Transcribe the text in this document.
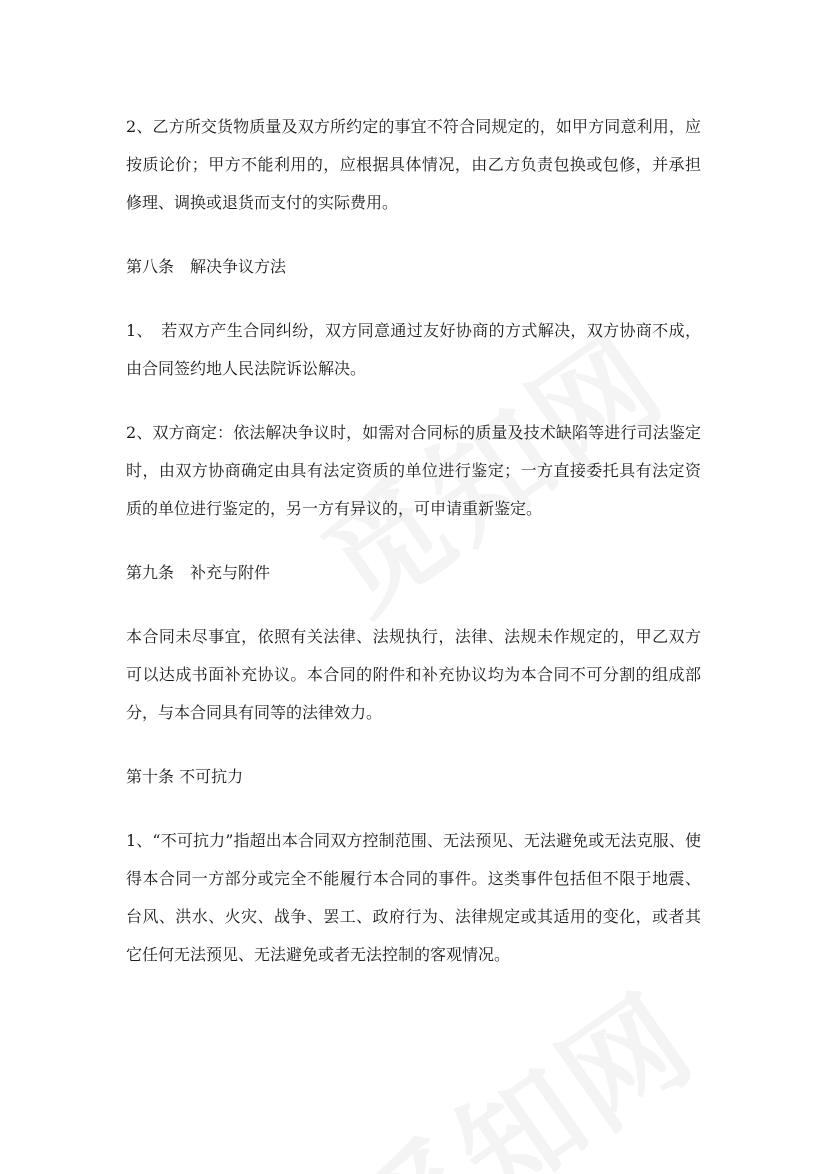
2、乙方所交货物质量及双方所约定的事宜不符合同规定的，如甲方同意利用，应按质论价；甲方不能利用的，应根据具体情况，由乙方负责包换或包修，并承担修理、调换或退货而支付的实际费用。

第八条　解决争议方法

1、　若双方产生合同纠纷，双方同意通过友好协商的方式解决，双方协商不成，由合同签约地人民法院诉讼解决。

2、双方商定：依法解决争议时，如需对合同标的质量及技术缺陷等进行司法鉴定时，由双方协商确定由具有法定资质的单位进行鉴定；一方直接委托具有法定资质的单位进行鉴定的，另一方有异议的，可申请重新鉴定。

第九条　补充与附件

本合同未尽事宜，依照有关法律、法规执行，法律、法规未作规定的，甲乙双方可以达成书面补充协议。本合同的附件和补充协议均为本合同不可分割的组成部分，与本合同具有同等的法律效力。

第十条 不可抗力

1、“不可抗力”指超出本合同双方控制范围、无法预见、无法避免或无法克服、使得本合同一方部分或完全不能履行本合同的事件。这类事件包括但不限于地震、台风、洪水、火灾、战争、罢工、政府行为、法律规定或其适用的变化，或者其它任何无法预见、无法避免或者无法控制的客观情况。
